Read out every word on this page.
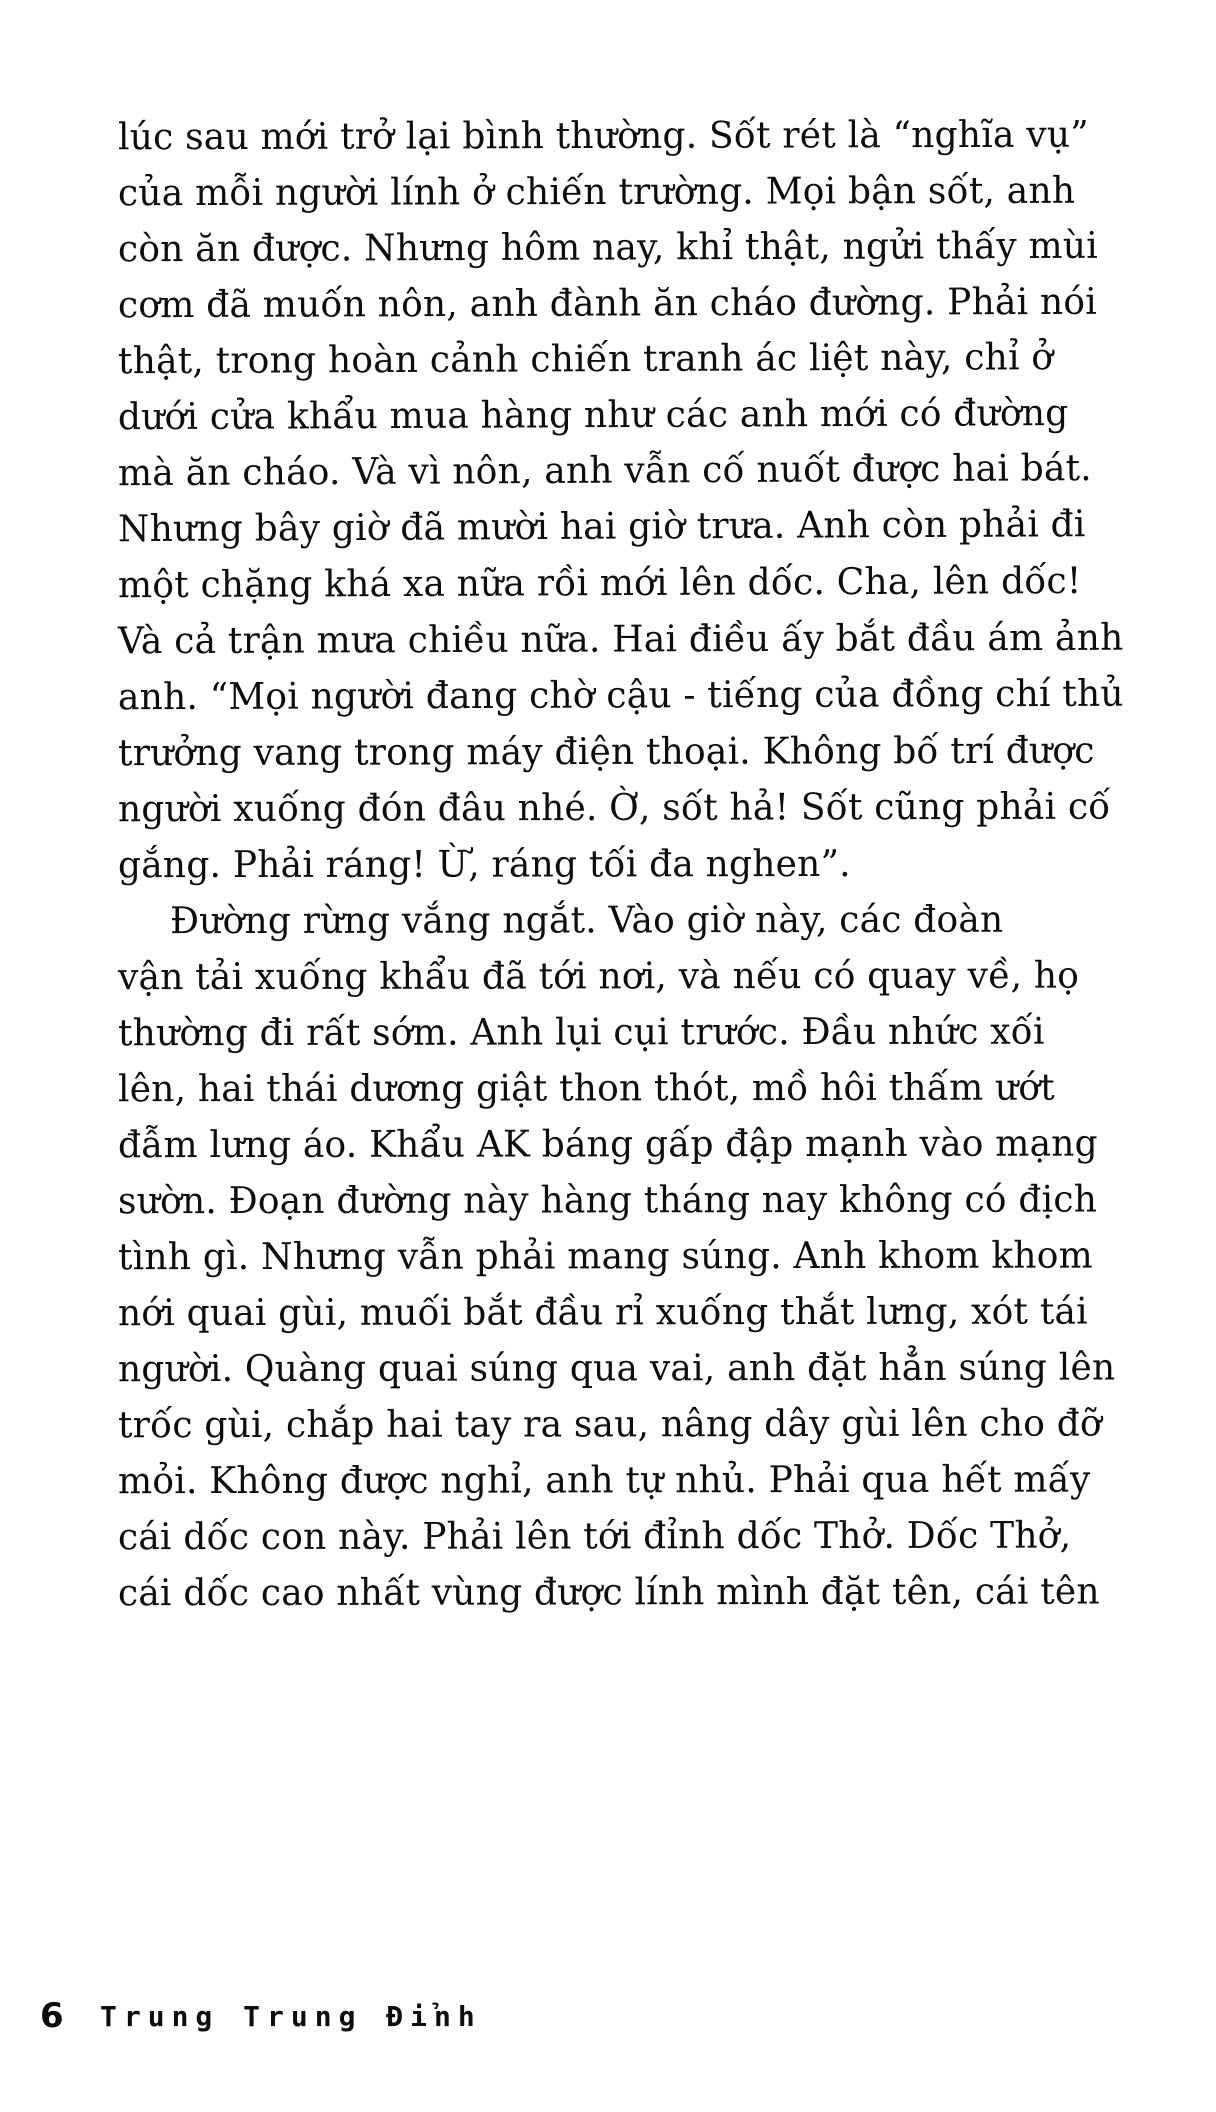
lúc sau mới trở lại bình thường. Sốt rét là “nghĩa vụ”
của mỗi người lính ở chiến trường. Mọi bận sốt, anh
còn ăn được. Nhưng hôm nay, khỉ thật, ngửi thấy mùi
cơm đã muốn nôn, anh đành ăn cháo đường. Phải nói
thật, trong hoàn cảnh chiến tranh ác liệt này, chỉ ở
dưới cửa khẩu mua hàng như các anh mới có đường
mà ăn cháo. Và vì nôn, anh vẫn cố nuốt được hai bát.
Nhưng bây giờ đã mười hai giờ trưa. Anh còn phải đi
một chặng khá xa nữa rồi mới lên dốc. Cha, lên dốc!
Và cả trận mưa chiều nữa. Hai điều ấy bắt đầu ám ảnh
anh. “Mọi người đang chờ cậu - tiếng của đồng chí thủ
trưởng vang trong máy điện thoại. Không bố trí được
người xuống đón đâu nhé. Ờ, sốt hả! Sốt cũng phải cố
gắng. Phải ráng! Ừ, ráng tối đa nghen”.
Đường rừng vắng ngắt. Vào giờ này, các đoàn
vận tải xuống khẩu đã tới nơi, và nếu có quay về, họ
thường đi rất sớm. Anh lụi cụi trước. Đầu nhức xối
lên, hai thái dương giật thon thót, mồ hôi thấm ướt
đẫm lưng áo. Khẩu AK báng gấp đập mạnh vào mạng
sườn. Đoạn đường này hàng tháng nay không có địch
tình gì. Nhưng vẫn phải mang súng. Anh khom khom
nới quai gùi, muối bắt đầu rỉ xuống thắt lưng, xót tái
người. Quàng quai súng qua vai, anh đặt hẳn súng lên
trốc gùi, chắp hai tay ra sau, nâng dây gùi lên cho đỡ
mỏi. Không được nghỉ, anh tự nhủ. Phải qua hết mấy
cái dốc con này. Phải lên tới đỉnh dốc Thở. Dốc Thở,
cái dốc cao nhất vùng được lính mình đặt tên, cái tên
6 Trung Trung Đỉnh
